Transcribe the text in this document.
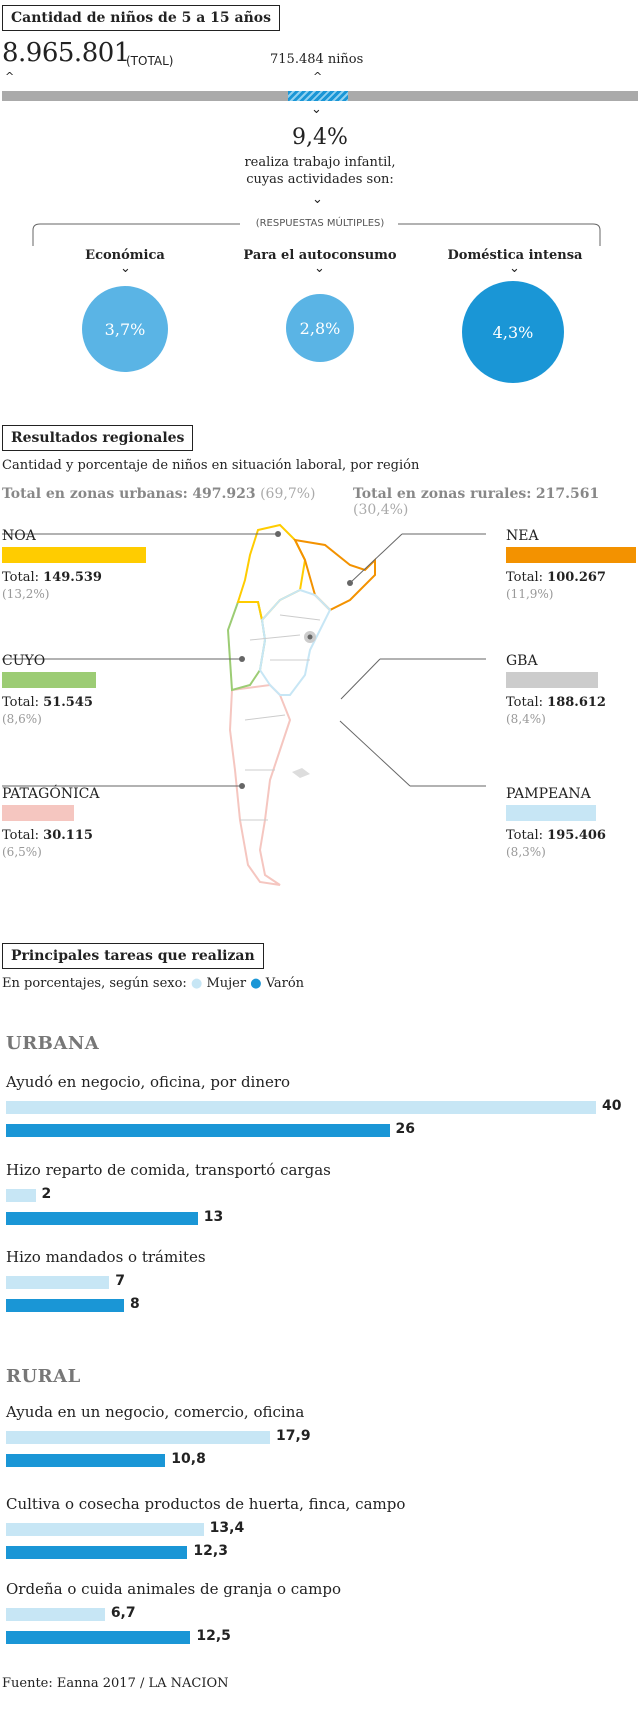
Cantidad de niños de 5 a 15 años
8.965.801
(TOTAL)
^
715.484 niños
^
⌄
9,4%
realiza trabajo infantil,
cuyas actividades son:
⌄
(RESPUESTAS MÚLTIPLES)
Económica	Para el autoconsumo	Doméstica intensa
⌄	⌄	⌄
3,7%	2,8%	4,3%
Resultados regionales
Cantidad y porcentaje de niños en situación laboral, por región
Total en zonas urbanas: 497.923 (69,7%)	Total en zonas rurales: 217.561 (30,4%)
NOA
Total: 149.539
(13,2%)
CUYO
Total: 51.545
(8,6%)
PATAGÓNICA
Total: 30.115
(6,5%)
NEA
Total: 100.267
(11,9%)
GBA
Total: 188.612
(8,4%)
PAMPEANA
Total: 195.406
(8,3%)
Principales tareas que realizan
En porcentajes, según sexo: ● Mujer ● Varón
URBANA
Ayudó en negocio, oficina, por dinero
40
26
Hizo reparto de comida, transportó cargas
2
13
Hizo mandados o trámites
7
8
RURAL
Ayuda en un negocio, comercio, oficina
17,9
10,8
Cultiva o cosecha productos de huerta, finca, campo
13,4
12,3
Ordeña o cuida animales de granja o campo
6,7
12,5
Fuente: Eanna 2017 / LA NACION
